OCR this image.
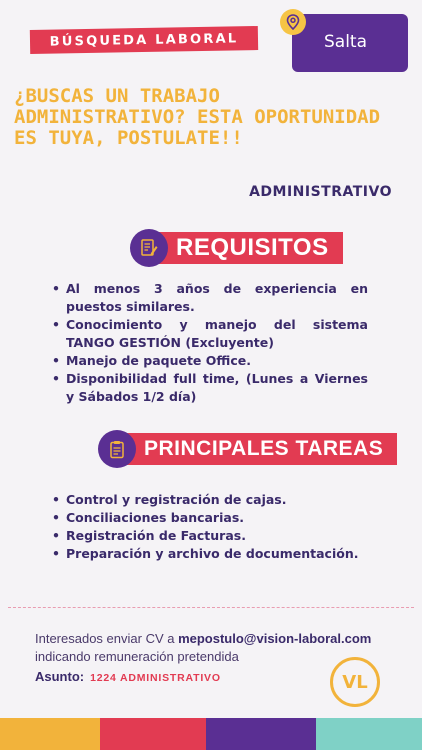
BÚSQUEDA LABORAL	Salta
¿BUSCAS UN TRABAJO
ADMINISTRATIVO? ESTA OPORTUNIDAD
ES TUYA, POSTULATE!!
ADMINISTRATIVO
REQUISITOS
• Al menos 3 años de experiencia en puestos similares.
• Conocimiento y manejo del sistema TANGO GESTIÓN (Excluyente)
• Manejo de paquete Office.
• Disponibilidad full time, (Lunes a Viernes y Sábados 1/2 día)
PRINCIPALES TAREAS
• Control y registración de cajas.
• Conciliaciones bancarias.
• Registración de Facturas.
• Preparación y archivo de documentación.
Interesados enviar CV a mepostulo@vision-laboral.com
indicando remuneración pretendida
Asunto: 1224 ADMINISTRATIVO	VL
